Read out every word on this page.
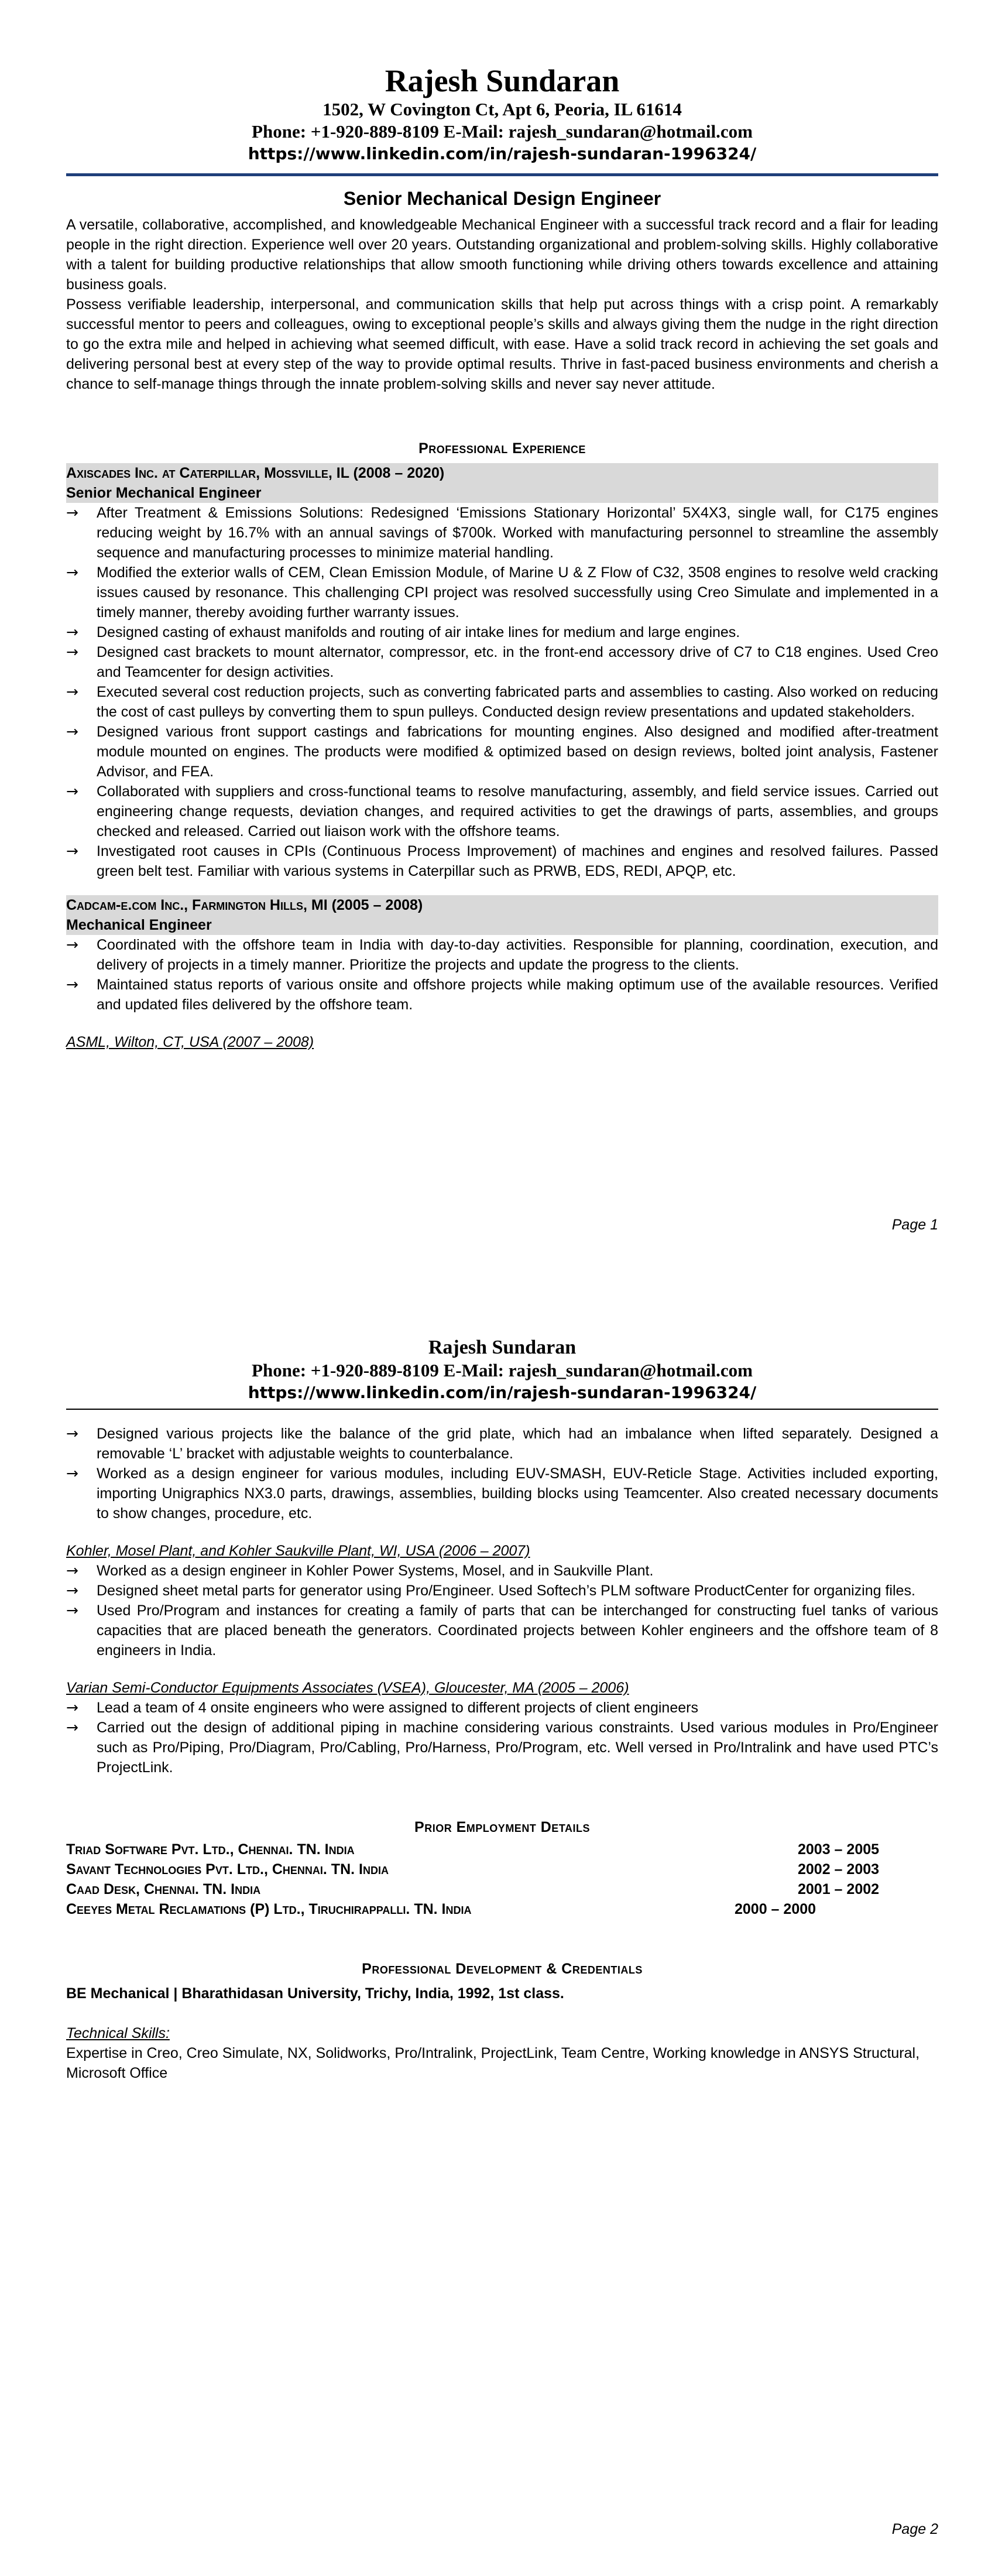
Rajesh Sundaran
1502, W Covington Ct, Apt 6, Peoria, IL 61614
Phone: +1-920-889-8109 E-Mail: rajesh_sundaran@hotmail.com
https://www.linkedin.com/in/rajesh-sundaran-1996324/
Senior Mechanical Design Engineer

A versatile, collaborative, accomplished, and knowledgeable Mechanical Engineer with a successful track record and a flair for leading people in the right direction. Experience well over 20 years. Outstanding organizational and problem-solving skills. Highly collaborative with a talent for building productive relationships that allow smooth functioning while driving others towards excellence and attaining business goals.

Possess verifiable leadership, interpersonal, and communication skills that help put across things with a crisp point. A remarkably successful mentor to peers and colleagues, owing to exceptional people’s skills and always giving them the nudge in the right direction to go the extra mile and helped in achieving what seemed difficult, with ease. Have a solid track record in achieving the set goals and delivering personal best at every step of the way to provide optimal results. Thrive in fast-paced business environments and cherish a chance to self-manage things through the innate problem-solving skills and never say never attitude.

Professional Experience
Axiscades Inc. at Caterpillar, Mossville, IL (2008 – 2020)
Senior Mechanical Engineer
→ After Treatment & Emissions Solutions: Redesigned ‘Emissions Stationary Horizontal’ 5X4X3, single wall, for C175 engines reducing weight by 16.7% with an annual savings of $700k. Worked with manufacturing personnel to streamline the assembly sequence and manufacturing processes to minimize material handling.
→ Modified the exterior walls of CEM, Clean Emission Module, of Marine U & Z Flow of C32, 3508 engines to resolve weld cracking issues caused by resonance. This challenging CPI project was resolved successfully using Creo Simulate and implemented in a timely manner, thereby avoiding further warranty issues.
→ Designed casting of exhaust manifolds and routing of air intake lines for medium and large engines.
→ Designed cast brackets to mount alternator, compressor, etc. in the front-end accessory drive of C7 to C18 engines. Used Creo and Teamcenter for design activities.
→ Executed several cost reduction projects, such as converting fabricated parts and assemblies to casting. Also worked on reducing the cost of cast pulleys by converting them to spun pulleys. Conducted design review presentations and updated stakeholders.
→ Designed various front support castings and fabrications for mounting engines. Also designed and modified after-treatment module mounted on engines. The products were modified & optimized based on design reviews, bolted joint analysis, Fastener Advisor, and FEA.
→ Collaborated with suppliers and cross-functional teams to resolve manufacturing, assembly, and field service issues. Carried out engineering change requests, deviation changes, and required activities to get the drawings of parts, assemblies, and groups checked and released. Carried out liaison work with the offshore teams.
→ Investigated root causes in CPIs (Continuous Process Improvement) of machines and engines and resolved failures. Passed green belt test. Familiar with various systems in Caterpillar such as PRWB, EDS, REDI, APQP, etc.
Cadcam-e.com Inc., Farmington Hills, MI (2005 – 2008)
Mechanical Engineer
→ Coordinated with the offshore team in India with day-to-day activities. Responsible for planning, coordination, execution, and delivery of projects in a timely manner. Prioritize the projects and update the progress to the clients.
→ Maintained status reports of various onsite and offshore projects while making optimum use of the available resources. Verified and updated files delivered by the offshore team.
ASML, Wilton, CT, USA (2007 – 2008)
Page 1
Rajesh Sundaran
Phone: +1-920-889-8109 E-Mail: rajesh_sundaran@hotmail.com
https://www.linkedin.com/in/rajesh-sundaran-1996324/
→ Designed various projects like the balance of the grid plate, which had an imbalance when lifted separately. Designed a removable ‘L’ bracket with adjustable weights to counterbalance.
→ Worked as a design engineer for various modules, including EUV-SMASH, EUV-Reticle Stage. Activities included exporting, importing Unigraphics NX3.0 parts, drawings, assemblies, building blocks using Teamcenter. Also created necessary documents to show changes, procedure, etc.
Kohler, Mosel Plant, and Kohler Saukville Plant, WI, USA (2006 – 2007)
→ Worked as a design engineer in Kohler Power Systems, Mosel, and in Saukville Plant.
→ Designed sheet metal parts for generator using Pro/Engineer. Used Softech’s PLM software ProductCenter for organizing files.
→ Used Pro/Program and instances for creating a family of parts that can be interchanged for constructing fuel tanks of various capacities that are placed beneath the generators. Coordinated projects between Kohler engineers and the offshore team of 8 engineers in India.
Varian Semi-Conductor Equipments Associates (VSEA), Gloucester, MA (2005 – 2006)
→ Lead a team of 4 onsite engineers who were assigned to different projects of client engineers
→ Carried out the design of additional piping in machine considering various constraints. Used various modules in Pro/Engineer such as Pro/Piping, Pro/Diagram, Pro/Cabling, Pro/Harness, Pro/Program, etc. Well versed in Pro/Intralink and have used PTC’s ProjectLink.
Prior Employment Details
Triad Software Pvt. Ltd., Chennai. TN. India	2003 – 2005
Savant Technologies Pvt. Ltd., Chennai. TN. India	2002 – 2003
Caad Desk, Chennai. TN. India	2001 – 2002
Ceeyes Metal Reclamations (P) Ltd., Tiruchirappalli. TN. India	2000 – 2000
Professional Development & Credentials

BE Mechanical | Bharathidasan University, Trichy, India, 1992, 1st class.

Technical Skills:

Expertise in Creo, Creo Simulate, NX, Solidworks, Pro/Intralink, ProjectLink, Team Centre, Working knowledge in ANSYS Structural, Microsoft Office

Page 2
